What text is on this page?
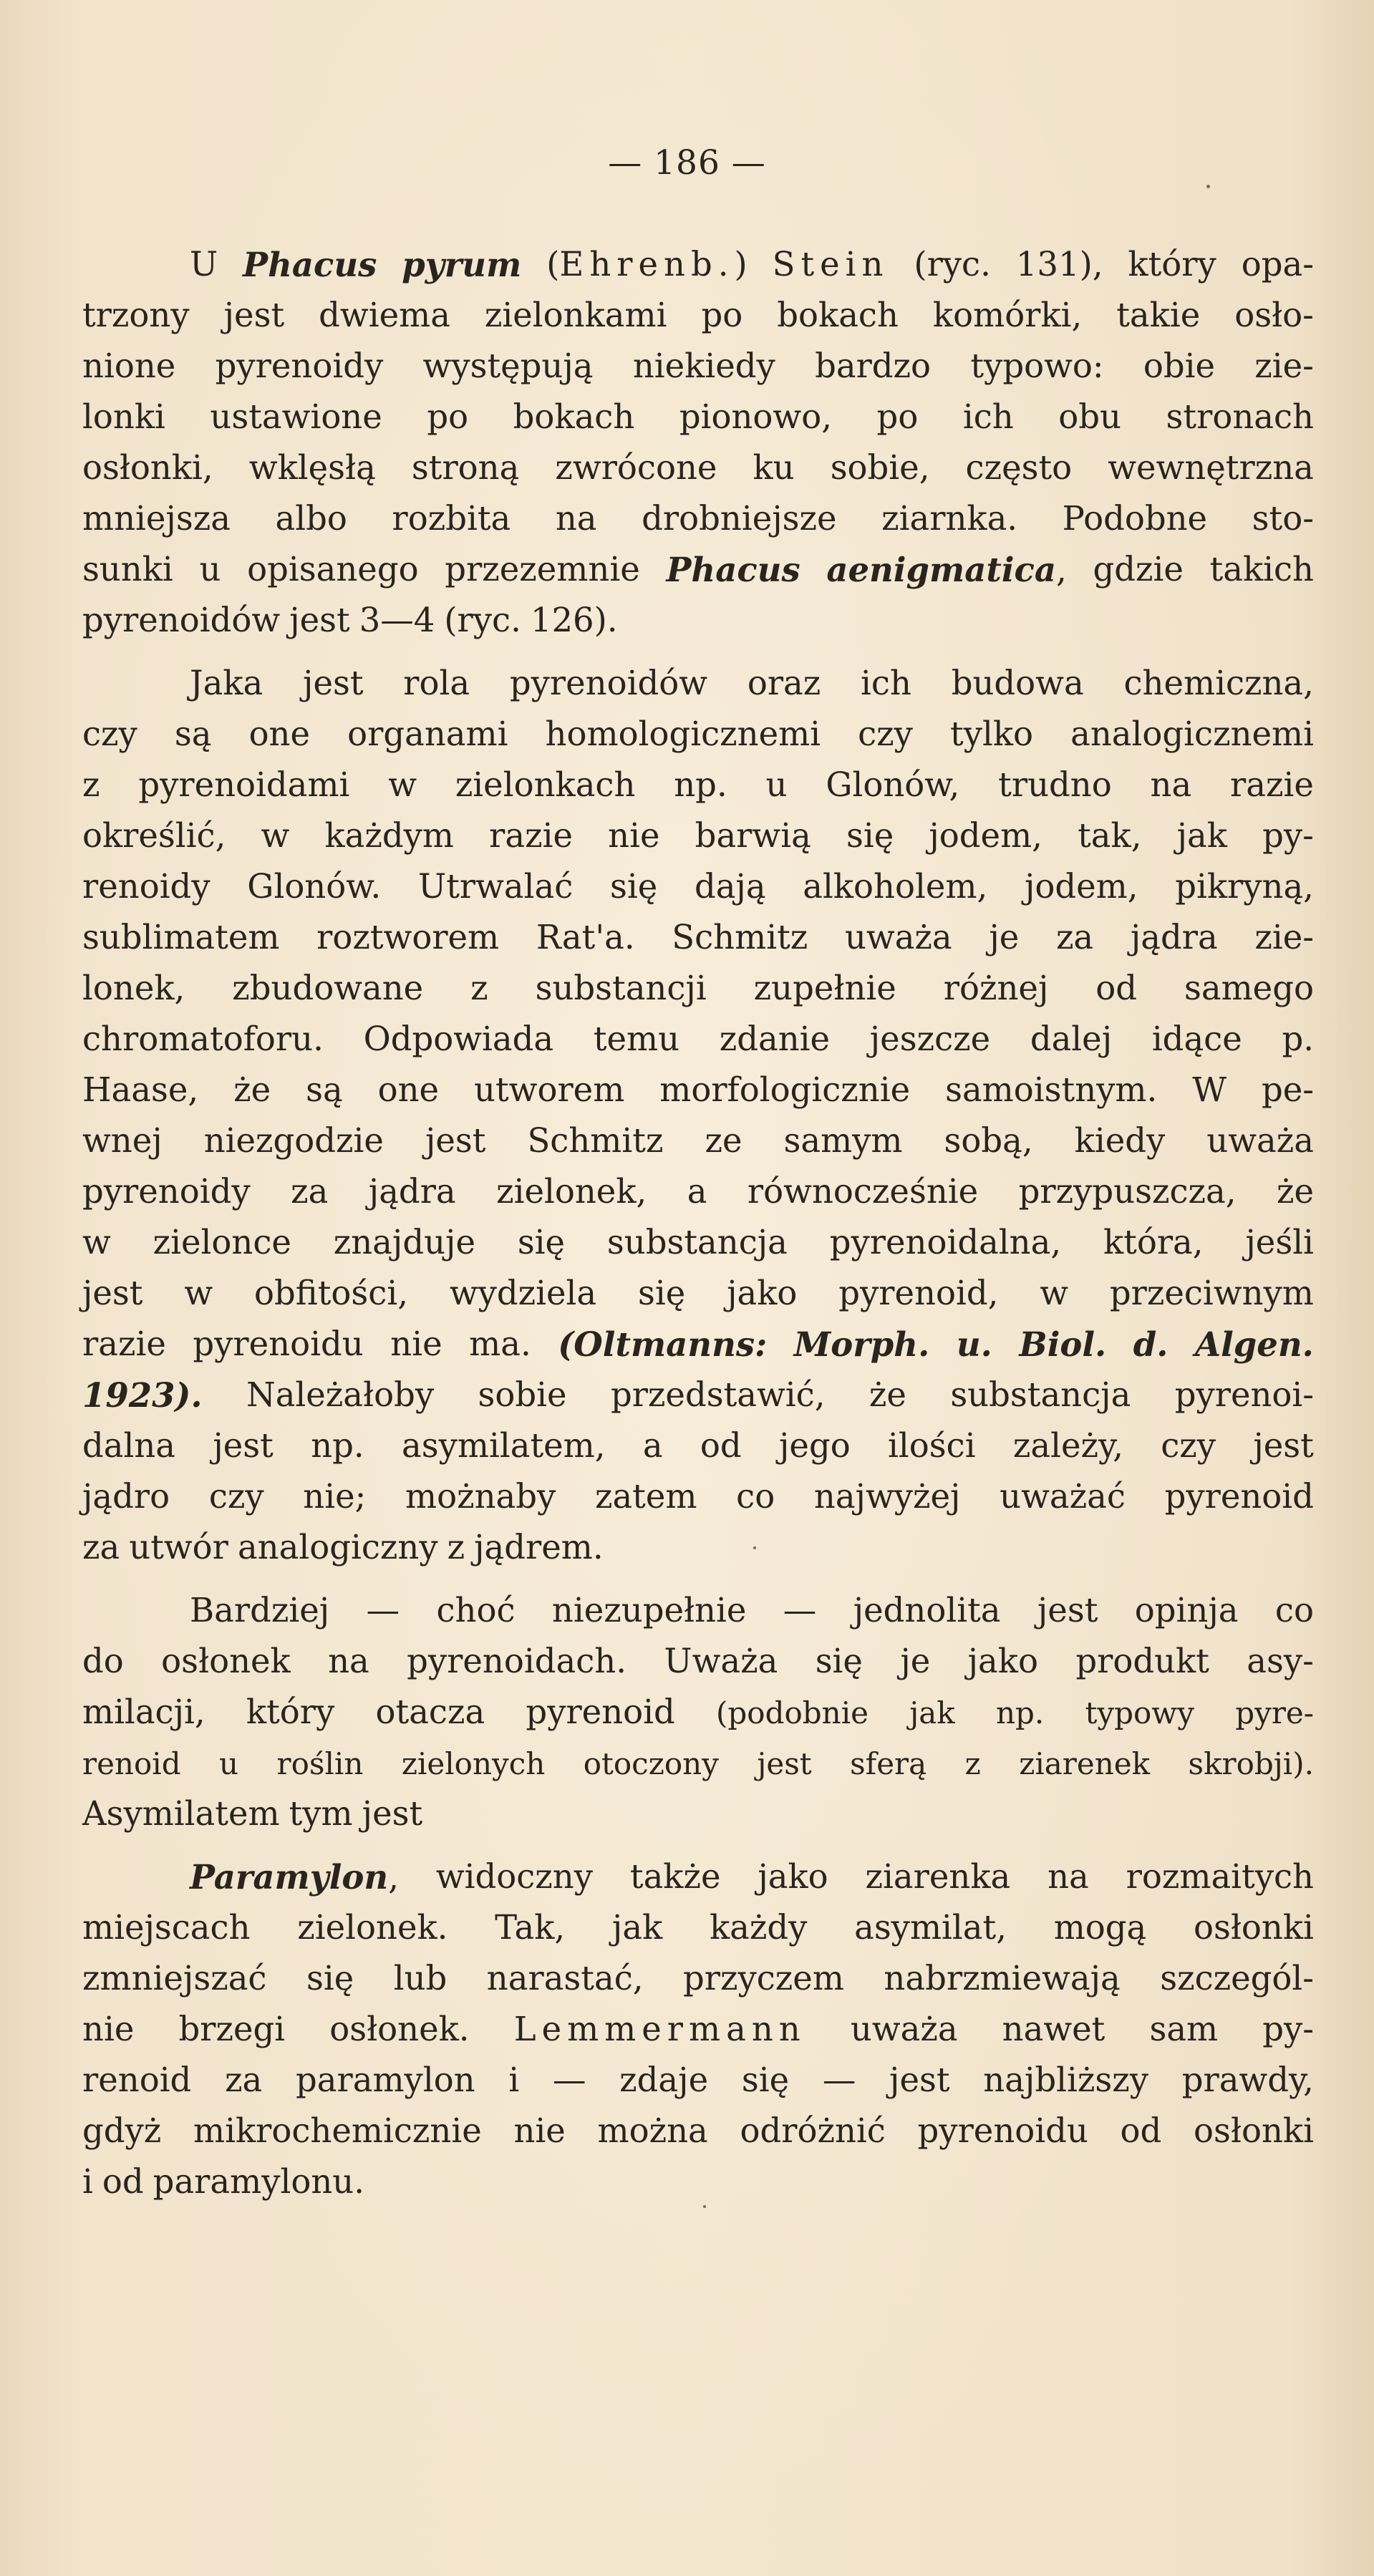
— 186 —
U Phacus pyrum (Ehrenb.) Stein (ryc. 131), który opa-
trzony jest dwiema zielonkami po bokach komórki, takie osło-
nione pyrenoidy występują niekiedy bardzo typowo: obie zie-
lonki ustawione po bokach pionowo, po ich obu stronach
osłonki, wklęsłą stroną zwrócone ku sobie, często wewnętrzna
mniejsza albo rozbita na drobniejsze ziarnka. Podobne sto-
sunki u opisanego przezemnie Phacus aenigmatica, gdzie takich
pyrenoidów jest 3—4 (ryc. 126).
Jaka jest rola pyrenoidów oraz ich budowa chemiczna,
czy są one organami homologicznemi czy tylko analogicznemi
z pyrenoidami w zielonkach np. u Glonów, trudno na razie
określić, w każdym razie nie barwią się jodem, tak, jak py-
renoidy Glonów. Utrwalać się dają alkoholem, jodem, pikryną,
sublimatem roztworem Rat'a. Schmitz uważa je za jądra zie-
lonek, zbudowane z substancji zupełnie różnej od samego
chromatoforu. Odpowiada temu zdanie jeszcze dalej idące p.
Haase, że są one utworem morfologicznie samoistnym. W pe-
wnej niezgodzie jest Schmitz ze samym sobą, kiedy uważa
pyrenoidy za jądra zielonek, a równocześnie przypuszcza, że
w zielonce znajduje się substancja pyrenoidalna, która, jeśli
jest w obfitości, wydziela się jako pyrenoid, w przeciwnym
razie pyrenoidu nie ma. (Oltmanns: Morph. u. Biol. d. Algen.
1923). Należałoby sobie przedstawić, że substancja pyrenoi-
dalna jest np. asymilatem, a od jego ilości zależy, czy jest
jądro czy nie; możnaby zatem co najwyżej uważać pyrenoid
za utwór analogiczny z jądrem.
Bardziej — choć niezupełnie — jednolita jest opinja co
do osłonek na pyrenoidach. Uważa się je jako produkt asy-
milacji, który otacza pyrenoid (podobnie jak np. typowy pyre-
renoid u roślin zielonych otoczony jest sferą z ziarenek skrobji).
Asymilatem tym jest
Paramylon, widoczny także jako ziarenka na rozmaitych
miejscach zielonek. Tak, jak każdy asymilat, mogą osłonki
zmniejszać się lub narastać, przyczem nabrzmiewają szczegól-
nie brzegi osłonek. Lemmermann uważa nawet sam py-
renoid za paramylon i — zdaje się — jest najbliższy prawdy,
gdyż mikrochemicznie nie można odróżnić pyrenoidu od osłonki
i od paramylonu.
